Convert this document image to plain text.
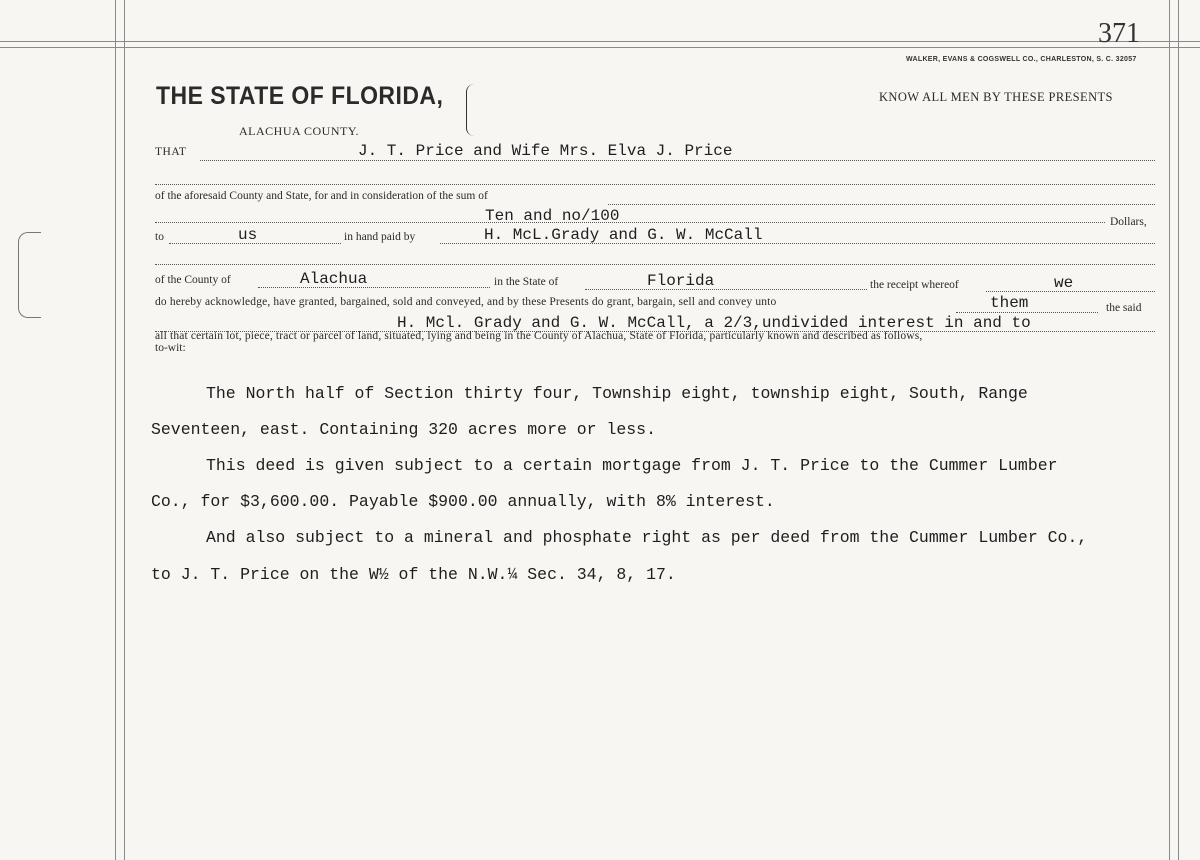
371
WALKER, EVANS & COGSWELL CO., CHARLESTON, S. C. 32057
THE STATE OF FLORIDA,
ALACHUA COUNTY.
KNOW ALL MEN BY THESE PRESENTS
THAT	J. T. Price and Wife Mrs. Elva J. Price
of the aforesaid County and State, for and in consideration of the sum of
Ten and no/100	Dollars,
to	us	in hand paid by	H. McL.Grady and G. W. McCall
of the County of	Alachua	in the State of	Florida	the receipt whereof	we
do hereby acknowledge, have granted, bargained, sold and conveyed, and by these Presents do grant, bargain, sell and convey unto	them	the said
H. Mcl. Grady and G. W. McCall, a 2/3,undivided interest in and to
all that certain lot, piece, tract or parcel of land, situated, lying and being in the County of Alachua, State of Florida, particularly known and described as follows,
to-wit:
The North half of Section thirty four, Township eight, township eight, South, Range
Seventeen, east. Containing 320 acres more or less.
This deed is given subject to a certain mortgage from J. T. Price to the Cummer Lumber
Co., for $3,600.00. Payable $900.00 annually, with 8% interest.
And also subject to a mineral and phosphate right as per deed from the Cummer Lumber Co.,
to J. T. Price on the W½ of the N.W.¼ Sec. 34, 8, 17.
